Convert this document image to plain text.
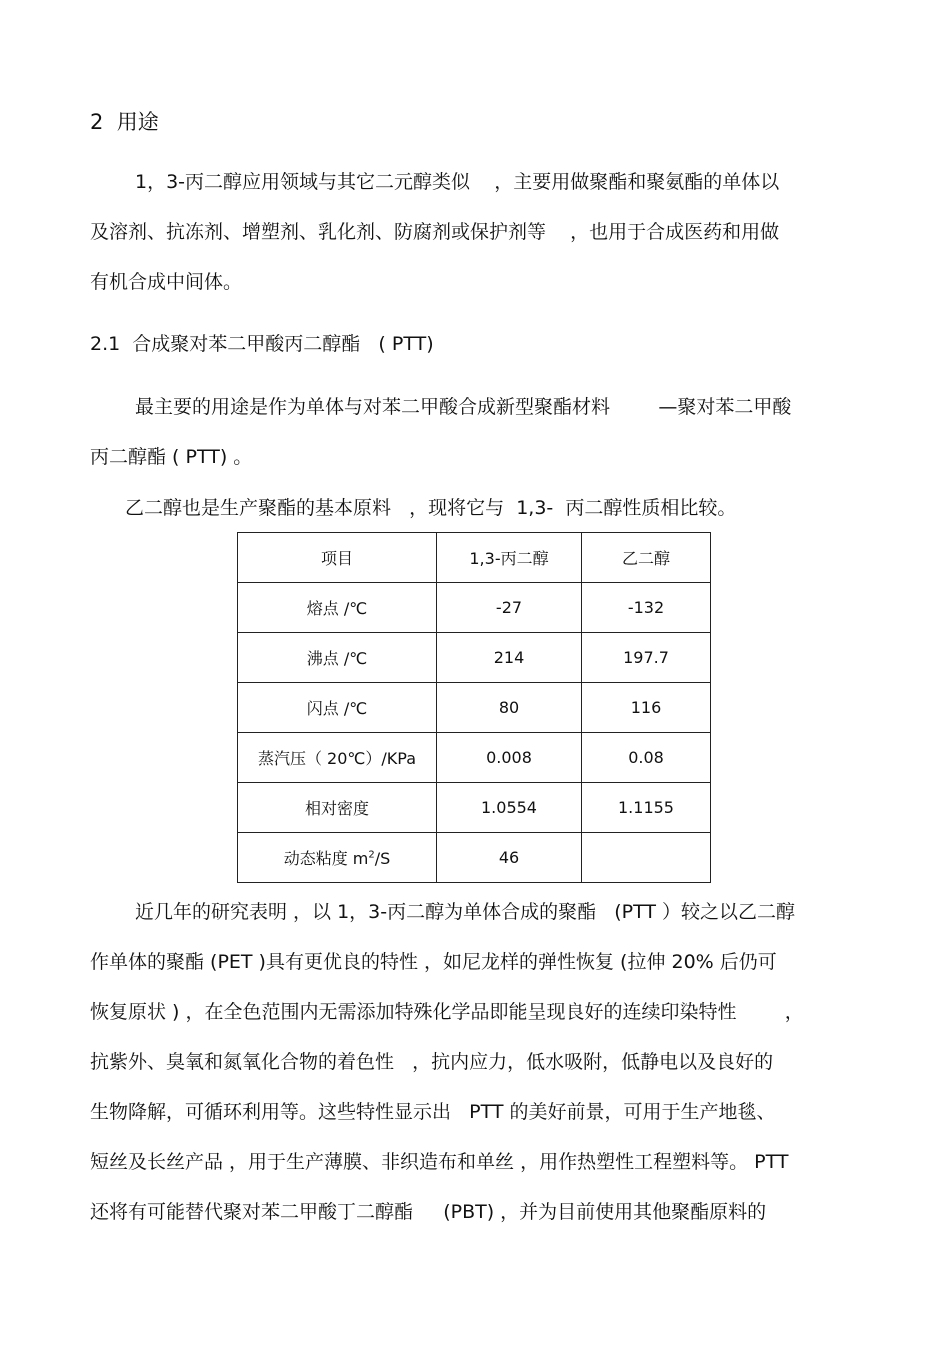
2  用途
1，3-丙二醇应用领域与其它二元醇类似    ，主要用做聚酯和聚氨酯的单体以
及溶剂、抗冻剂、增塑剂、乳化剂、防腐剂或保护剂等    ，也用于合成医药和用做
有机合成中间体。
2.1  合成聚对苯二甲酸丙二醇酯   ( PTT)
最主要的用途是作为单体与对苯二甲酸合成新型聚酯材料        —聚对苯二甲酸
丙二醇酯 ( PTT) 。
乙二醇也是生产聚酯的基本原料   ，现将它与  1,3-  丙二醇性质相比较。
项目	1,3-丙二醇	乙二醇
熔点 /℃	-27	-132
沸点 /℃	214	197.7
闪点 /℃	80	116
蒸汽压（ 20℃）/KPa	0.008	0.08
相对密度	1.0554	1.1155
动态粘度 $m^2/S$	46	
近几年的研究表明 ，以 1，3-丙二醇为单体合成的聚酯   (PTT ）较之以乙二醇
作单体的聚酯 (PET )具有更优良的特性 ，如尼龙样的弹性恢复 (拉伸 20% 后仍可
恢复原状 ) ，在全色范围内无需添加特殊化学品即能呈现良好的连续印染特性        ，
抗紫外、臭氧和氮氧化合物的着色性   ，抗内应力，低水吸附，低静电以及良好的
生物降解，可循环利用等。这些特性显示出   PTT 的美好前景，可用于生产地毯、
短丝及长丝产品 ，用于生产薄膜、非织造布和单丝 ，用作热塑性工程塑料等。 PTT
还将有可能替代聚对苯二甲酸丁二醇酯     (PBT) ，并为目前使用其他聚酯原料的
